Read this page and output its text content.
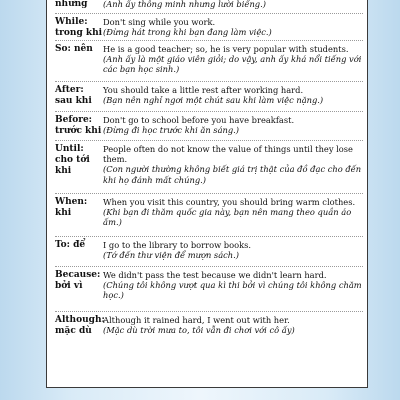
nhưng	(Anh ấy thông minh nhưng lười biếng.)
While: trong khi
Don't sing while you work.
(Đừng hát trong khi bạn đang làm việc.)
So: nên	He is a good teacher; so, he is very popular with students.
(Anh ấy là một giáo viên giỏi; do vậy, anh ấy khá nổi tiếng với các bạn học sinh.)
After: sau khi
You should take a little rest after working hard.
(Bạn nên nghỉ ngơi một chút sau khi làm việc nặng.)
Before: trước khi
Don't go to school before you have breakfast.
(Đừng đi học trước khi ăn sáng.)
Until: cho tới khi
People often do not know the value of things until they lose them.
(Con người thường không biết giá trị thật của đồ đạc cho đến khi họ đánh mất chúng.)
When: khi
When you visit this country, you should bring warm clothes.
(Khi bạn đi thăm quốc gia này, bạn nên mang theo quần áo ấm.)
To: để	I go to the library to borrow books.
(Tớ đến thư viện để mượn sách.)
Because: bởi vì
We didn't pass the test because we didn't learn hard.
(Chúng tôi không vượt qua kì thi bởi vì chúng tôi không chăm học.)
Although: mặc dù
Although it rained hard, I went out with her.
(Mặc dù trời mưa to, tôi vẫn đi chơi với cô ấy)
